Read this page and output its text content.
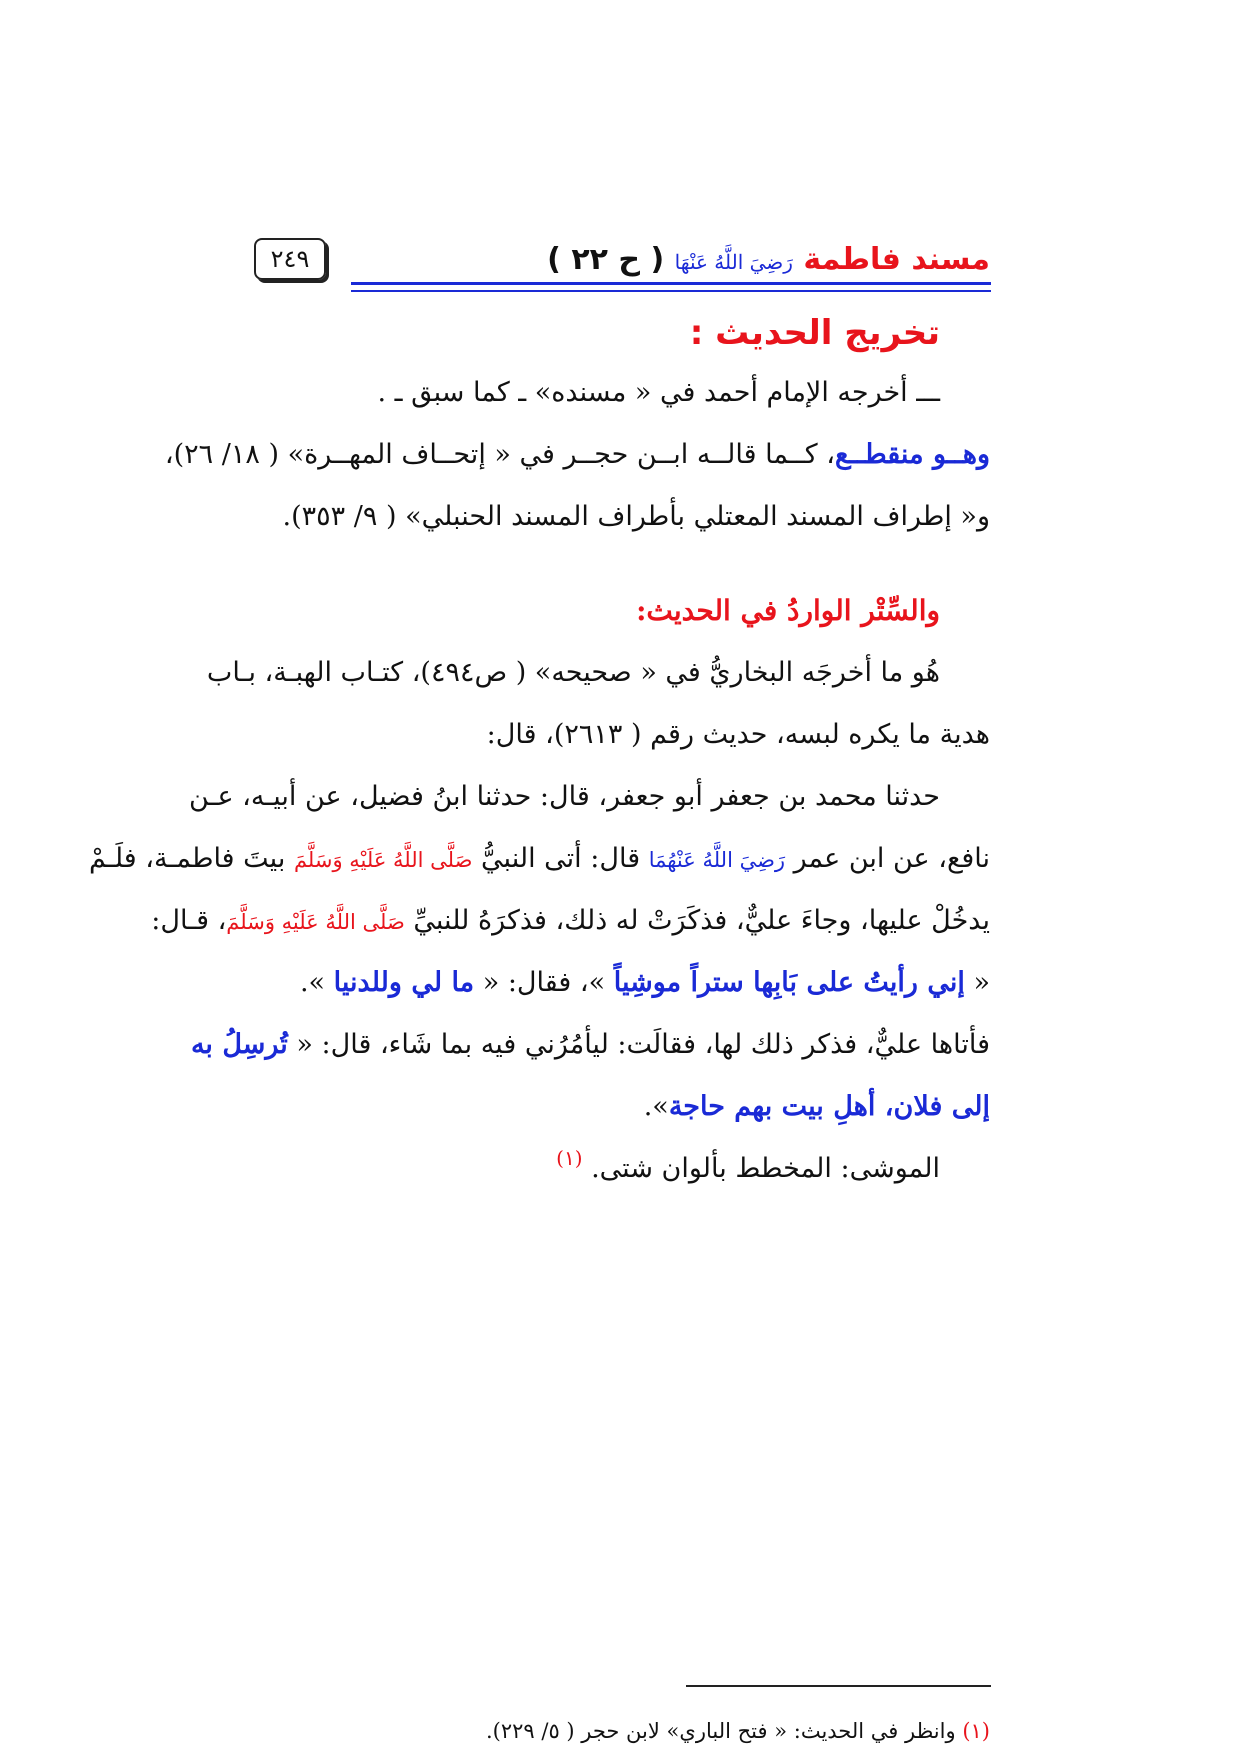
مسند فاطمة رَضِيَ اللَّهُ عَنْهَا ( ح ٢٢ )
٢٤٩
تخريج الحديث :
ـــ أخرجه الإمام أحمد في « مسنده» ـ كما سبق ـ .
وهــو منقطــع، كــما قالــه ابــن حجــر في « إتحــاف المهــرة» ( ١٨/ ٢٦)،
و« إطراف المسند المعتلي بأطراف المسند الحنبلي» ( ٩/ ٣٥٣).
والسِّتْر الواردُ في الحديث:
هُو ما أخرجَه البخاريُّ في « صحيحه» ( ص٤٩٤)، كتـاب الهبـة، بـاب
هدية ما يكره لبسه، حديث رقم ( ٢٦١٣)، قال:
حدثنا محمد بن جعفر أبو جعفر، قال: حدثنا ابنُ فضيل، عن أبيـه، عـن
نافع، عن ابن عمر رَضِيَ اللَّهُ عَنْهُمَا قال: أتى النبيُّ صَلَّى اللَّهُ عَلَيْهِ وَسَلَّمَ بيتَ فاطمـة، فلَـمْ
يدخُلْ عليها، وجاءَ عليٌّ، فذكَرَتْ له ذلك، فذكرَهُ للنبيِّ صَلَّى اللَّهُ عَلَيْهِ وَسَلَّمَ، قـال:
« إني رأيتُ على بَابِها ستراً موشِياً »، فقال: « ما لي وللدنيا ».
فأتاها عليٌّ، فذكر ذلك لها، فقالَت: ليأمُرُني فيه بما شَاء، قال: « تُرسِلُ به
إلى فلان، أهلِ بيت بهم حاجة».
الموشى: المخطط بألوان شتى. $^{(١)}$
(١) وانظر في الحديث: « فتح الباري» لابن حجر ( ٥/ ٢٢٩).
